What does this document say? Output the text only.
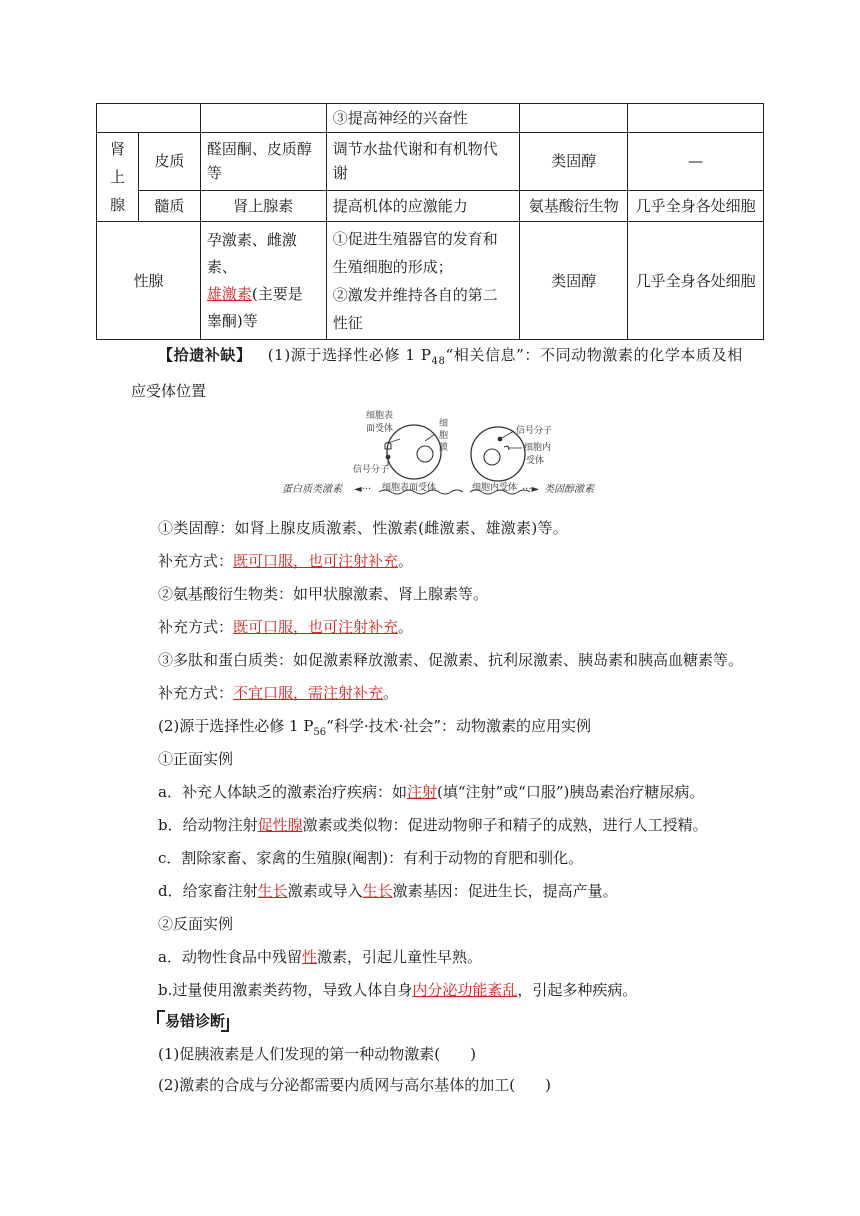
			③提高神经的兴奋性		
肾
上
腺	皮质	醛固酮、皮质醇
等	调节水盐代谢和有机物代
谢	类固醇	—
	髓质	肾上腺素	提高机体的应激能力	氨基酸衍生物	几乎全身各处细胞
性腺		孕激素、雌激素、
雄激素(主要是
睾酮)等	①促进生殖器官的发育和
生殖细胞的形成；
②激发并维持各自的第二
性征	类固醇	几乎全身各处细胞
【拾遗补缺】 (1)源于选择性必修 1 $P_{48}“$相关信息”：不同动物激素的化学本质及相
应受体位置
细胞表
面受体	细
胞
膜
信号分子
信号分子
细胞内
受体
蛋白质类激素 ◄··· 细胞表面受体	细胞内受体 ···► 类固醇激素
①类固醇：如肾上腺皮质激素、性激素(雌激素、雄激素)等。
补充方式：既可口服，也可注射补充。
②氨基酸衍生物类：如甲状腺激素、肾上腺素等。
补充方式：既可口服，也可注射补充。
③多肽和蛋白质类：如促激素释放激素、促激素、抗利尿激素、胰岛素和胰高血糖素等。
补充方式：不宜口服，需注射补充。
(2)源于选择性必修 1 $P_{56}“$科学·技术·社会”：动物激素的应用实例
①正面实例
a．补充人体缺乏的激素治疗疾病：如注射(填“注射”或“口服”)胰岛素治疗糖尿病。
b．给动物注射促性腺激素或类似物：促进动物卵子和精子的成熟，进行人工授精。
c．割除家畜、家禽的生殖腺(阉割)：有利于动物的育肥和驯化。
d．给家畜注射生长激素或导入生长激素基因：促进生长，提高产量。
②反面实例
a．动物性食品中残留性激素，引起儿童性早熟。
b.过量使用激素类药物，导致人体自身内分泌功能紊乱，引起多种疾病。
易错诊断
(1)促胰液素是人们发现的第一种动物激素(　　)
(2)激素的合成与分泌都需要内质网与高尔基体的加工(　　)
